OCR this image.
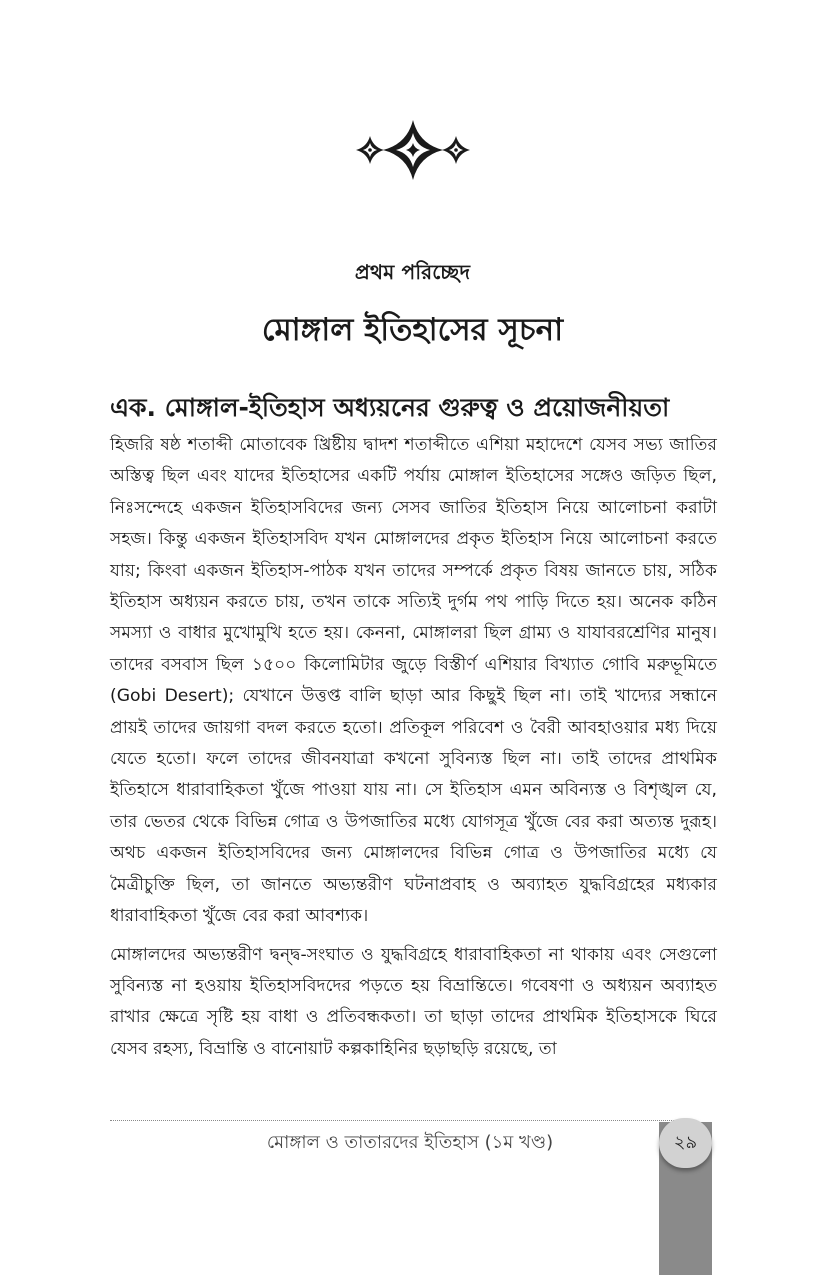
প্রথম পরিচ্ছেদ
মোঙ্গাল ইতিহাসের সূচনা
এক. মোঙ্গাল-ইতিহাস অধ্যয়নের গুরুত্ব ও প্রয়োজনীয়তা

হিজরি ষষ্ঠ শতাব্দী মোতাবেক খ্রিষ্টীয় দ্বাদশ শতাব্দীতে এশিয়া মহাদেশে যেসব সভ্য জাতির অস্তিত্ব ছিল এবং যাদের ইতিহাসের একটি পর্যায় মোঙ্গাল ইতিহাসের সঙ্গেও জড়িত ছিল, নিঃসন্দেহে একজন ইতিহাসবিদের জন্য সেসব জাতির ইতিহাস নিয়ে আলোচনা করাটা সহজ। কিন্তু একজন ইতিহাসবিদ যখন মোঙ্গালদের প্রকৃত ইতিহাস নিয়ে আলোচনা করতে যায়; কিংবা একজন ইতিহাস-পাঠক যখন তাদের সম্পর্কে প্রকৃত বিষয় জানতে চায়, সঠিক ইতিহাস অধ্যয়ন করতে চায়, তখন তাকে সত্যিই দুর্গম পথ পাড়ি দিতে হয়। অনেক কঠিন সমস্যা ও বাধার মুখোমুখি হতে হয়। কেননা, মোঙ্গালরা ছিল গ্রাম্য ও যাযাবরশ্রেণির মানুষ। তাদের বসবাস ছিল ১৫০০ কিলোমিটার জুড়ে বিস্তীর্ণ এশিয়ার বিখ্যাত গোবি মরুভূমিতে (Gobi Desert); যেখানে উত্তপ্ত বালি ছাড়া আর কিছুই ছিল না। তাই খাদ্যের সন্ধানে প্রায়ই তাদের জায়গা বদল করতে হতো। প্রতিকূল পরিবেশ ও বৈরী আবহাওয়ার মধ্য দিয়ে যেতে হতো। ফলে তাদের জীবনযাত্রা কখনো সুবিন্যস্ত ছিল না। তাই তাদের প্রাথমিক ইতিহাসে ধারাবাহিকতা খুঁজে পাওয়া যায় না। সে ইতিহাস এমন অবিন্যস্ত ও বিশৃঙ্খল যে, তার ভেতর থেকে বিভিন্ন গোত্র ও উপজাতির মধ্যে যোগসূত্র খুঁজে বের করা অত্যন্ত দুরূহ। অথচ একজন ইতিহাসবিদের জন্য মোঙ্গালদের বিভিন্ন গোত্র ও উপজাতির মধ্যে যে মৈত্রীচুক্তি ছিল, তা জানতে অভ্যন্তরীণ ঘটনাপ্রবাহ ও অব্যাহত যুদ্ধবিগ্রহের মধ্যকার ধারাবাহিকতা খুঁজে বের করা আবশ্যক।

মোঙ্গালদের অভ্যন্তরীণ দ্বন্দ্ব-সংঘাত ও যুদ্ধবিগ্রহে ধারাবাহিকতা না থাকায় এবং সেগুলো সুবিন্যস্ত না হওয়ায় ইতিহাসবিদদের পড়তে হয় বিভ্রান্তিতে। গবেষণা ও অধ্যয়ন অব্যাহত রাখার ক্ষেত্রে সৃষ্টি হয় বাধা ও প্রতিবন্ধকতা। তা ছাড়া তাদের প্রাথমিক ইতিহাসকে ঘিরে যেসব রহস্য, বিভ্রান্তি ও বানোয়াট কল্পকাহিনির ছড়াছড়ি রয়েছে, তা

মোঙ্গাল ও তাতারদের ইতিহাস (১ম খণ্ড)	২৯
